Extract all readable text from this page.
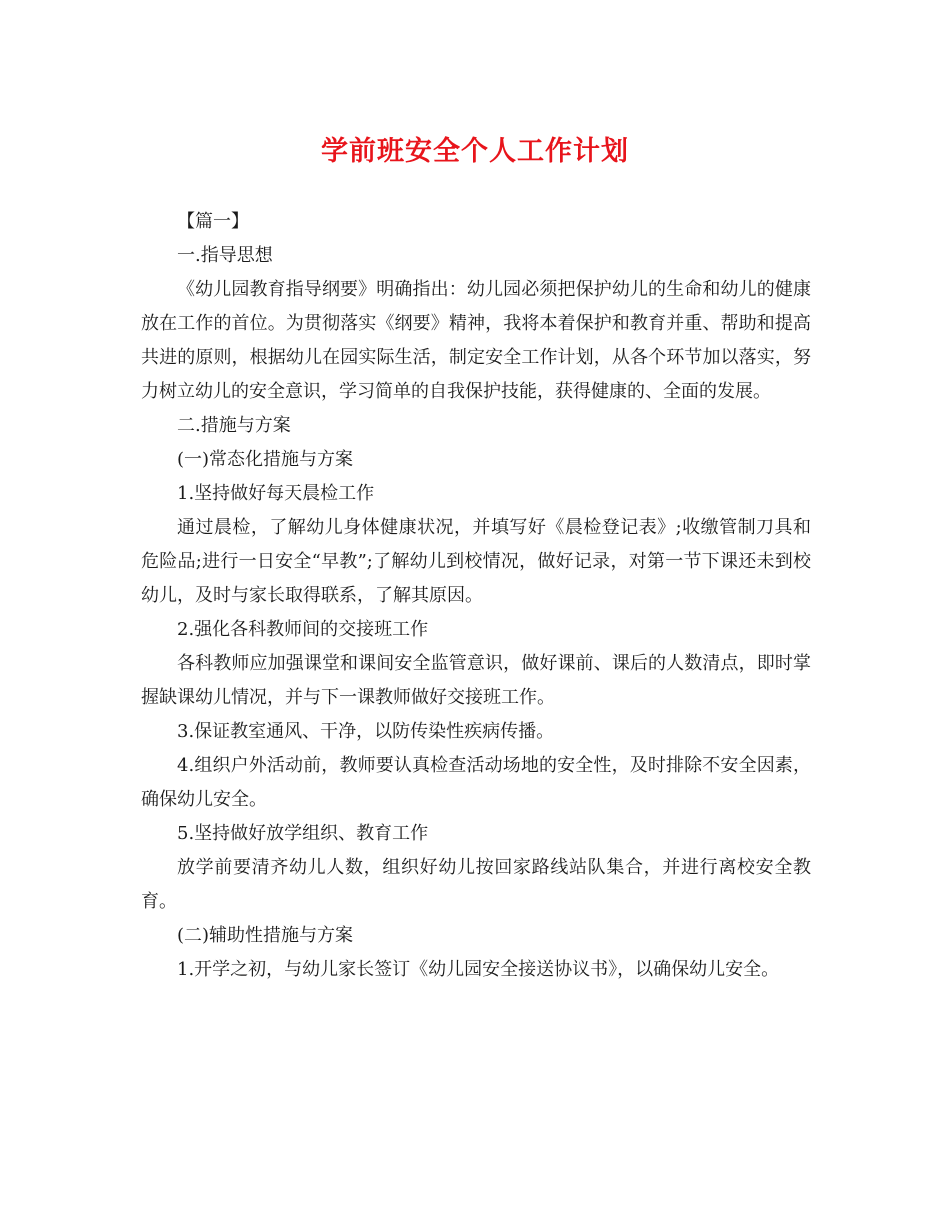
学前班安全个人工作计划

【篇一】

一.指导思想

《幼儿园教育指导纲要》明确指出：幼儿园必须把保护幼儿的生命和幼儿的健康放在工作的首位。为贯彻落实《纲要》精神，我将本着保护和教育并重、帮助和提高共进的原则，根据幼儿在园实际生活，制定安全工作计划，从各个环节加以落实，努力树立幼儿的安全意识，学习简单的自我保护技能，获得健康的、全面的发展。

二.措施与方案

(一)常态化措施与方案

1.坚持做好每天晨检工作

通过晨检，了解幼儿身体健康状况，并填写好《晨检登记表》;收缴管制刀具和危险品;进行一日安全“早教”;了解幼儿到校情况，做好记录，对第一节下课还未到校幼儿，及时与家长取得联系，了解其原因。

2.强化各科教师间的交接班工作

各科教师应加强课堂和课间安全监管意识，做好课前、课后的人数清点，即时掌握缺课幼儿情况，并与下一课教师做好交接班工作。

3.保证教室通风、干净，以防传染性疾病传播。

4.组织户外活动前，教师要认真检查活动场地的安全性，及时排除不安全因素，确保幼儿安全。

5.坚持做好放学组织、教育工作

放学前要清齐幼儿人数，组织好幼儿按回家路线站队集合，并进行离校安全教育。

(二)辅助性措施与方案

1.开学之初，与幼儿家长签订《幼儿园安全接送协议书》，以确保幼儿安全。
